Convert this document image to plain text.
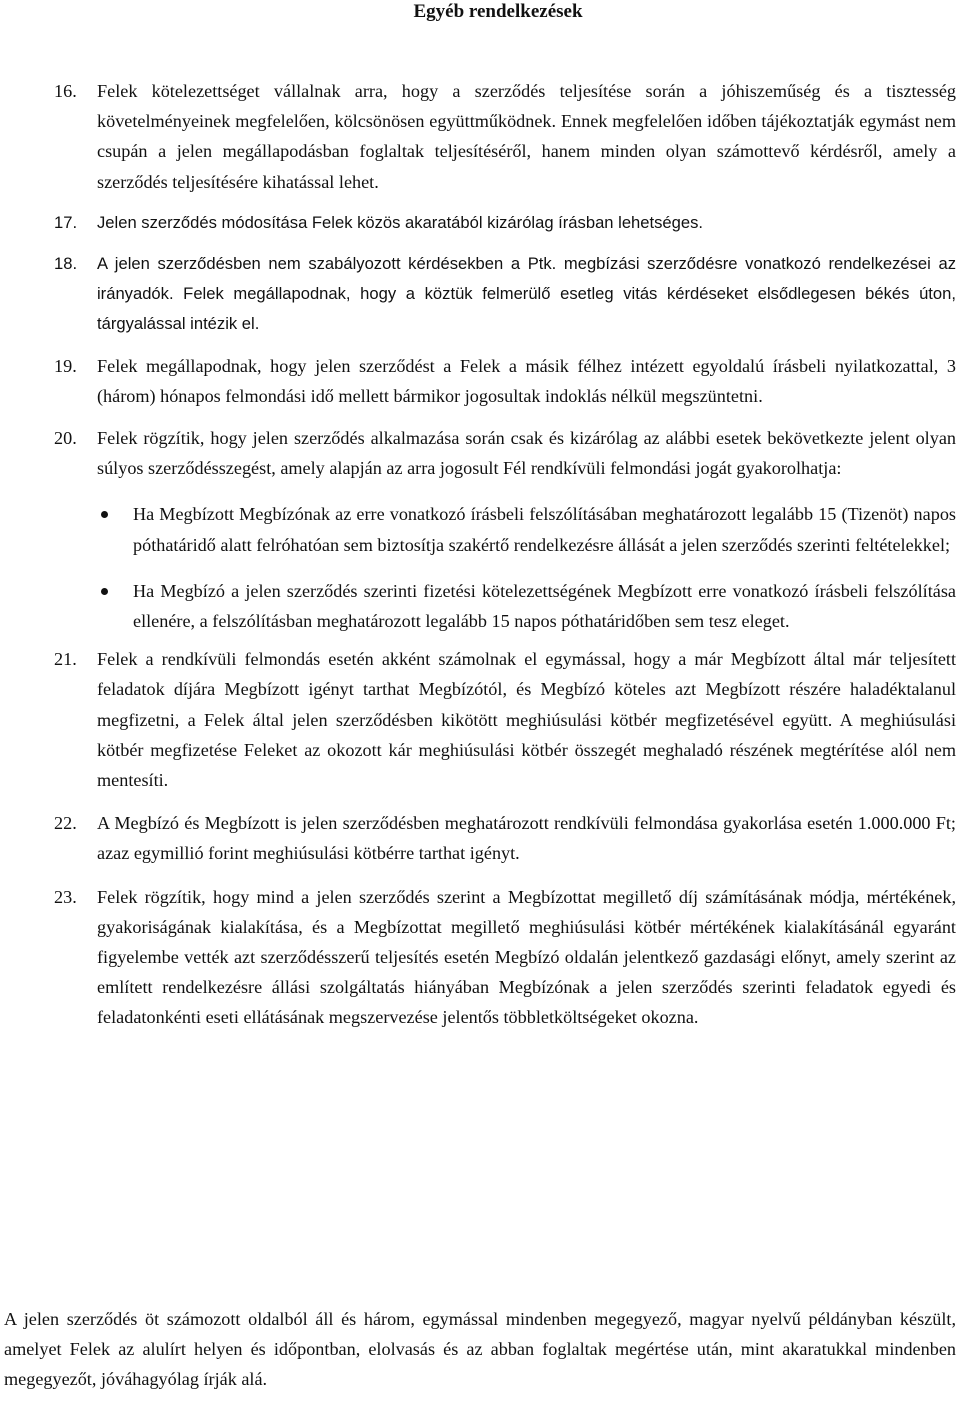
Egyéb rendelkezések

16. Felek kötelezettséget vállalnak arra, hogy a szerződés teljesítése során a jóhiszeműség és a tisztesség követelményeinek megfelelően, kölcsönösen együttműködnek. Ennek megfelelően időben tájékoztatják egymást nem csupán a jelen megállapodásban foglaltak teljesítéséről, hanem minden olyan számottevő kérdésről, amely a szerződés teljesítésére kihatással lehet.

17. Jelen szerződés módosítása Felek közös akaratából kizárólag írásban lehetséges.

18. A jelen szerződésben nem szabályozott kérdésekben a Ptk. megbízási szerződésre vonatkozó rendelkezései az irányadók. Felek megállapodnak, hogy a köztük felmerülő esetleg vitás kérdéseket elsődlegesen békés úton, tárgyalással intézik el.

19. Felek megállapodnak, hogy jelen szerződést a Felek a másik félhez intézett egyoldalú írásbeli nyilatkozattal, 3 (három) hónapos felmondási idő mellett bármikor jogosultak indoklás nélkül megszüntetni.

20. Felek rögzítik, hogy jelen szerződés alkalmazása során csak és kizárólag az alábbi esetek bekövetkezte jelent olyan súlyos szerződésszegést, amely alapján az arra jogosult Fél rendkívüli felmondási jogát gyakorolhatja:
Ha Megbízott Megbízónak az erre vonatkozó írásbeli felszólításában meghatározott legalább 15 (Tizenöt) napos póthatáridő alatt felróhatóan sem biztosítja szakértő rendelkezésre állását a jelen szerződés szerinti feltételekkel;
Ha Megbízó a jelen szerződés szerinti fizetési kötelezettségének Megbízott erre vonatkozó írásbeli felszólítása ellenére, a felszólításban meghatározott legalább 15 napos póthatáridőben sem tesz eleget.

21. Felek a rendkívüli felmondás esetén akként számolnak el egymással, hogy a már Megbízott által már teljesített feladatok díjára Megbízott igényt tarthat Megbízótól, és Megbízó köteles azt Megbízott részére haladéktalanul megfizetni, a Felek által jelen szerződésben kikötött meghiúsulási kötbér megfizetésével együtt. A meghiúsulási kötbér megfizetése Feleket az okozott kár meghiúsulási kötbér összegét meghaladó részének megtérítése alól nem mentesíti.

22. A Megbízó és Megbízott is jelen szerződésben meghatározott rendkívüli felmondása gyakorlása esetén 1.000.000 Ft; azaz egymillió forint meghiúsulási kötbérre tarthat igényt.

23. Felek rögzítik, hogy mind a jelen szerződés szerint a Megbízottat megillető díj számításának módja, mértékének, gyakoriságának kialakítása, és a Megbízottat megillető meghiúsulási kötbér mértékének kialakításánál egyaránt figyelembe vették azt szerződésszerű teljesítés esetén Megbízó oldalán jelentkező gazdasági előnyt, amely szerint az említett rendelkezésre állási szolgáltatás hiányában Megbízónak a jelen szerződés szerinti feladatok egyedi és feladatonkénti eseti ellátásának megszervezése jelentős többletköltségeket okozna.

A jelen szerződés öt számozott oldalból áll és három, egymással mindenben megegyező, magyar nyelvű példányban készült, amelyet Felek az alulírt helyen és időpontban, elolvasás és az abban foglaltak megértése után, mint akaratukkal mindenben megegyezőt, jóváhagyólag írják alá.
